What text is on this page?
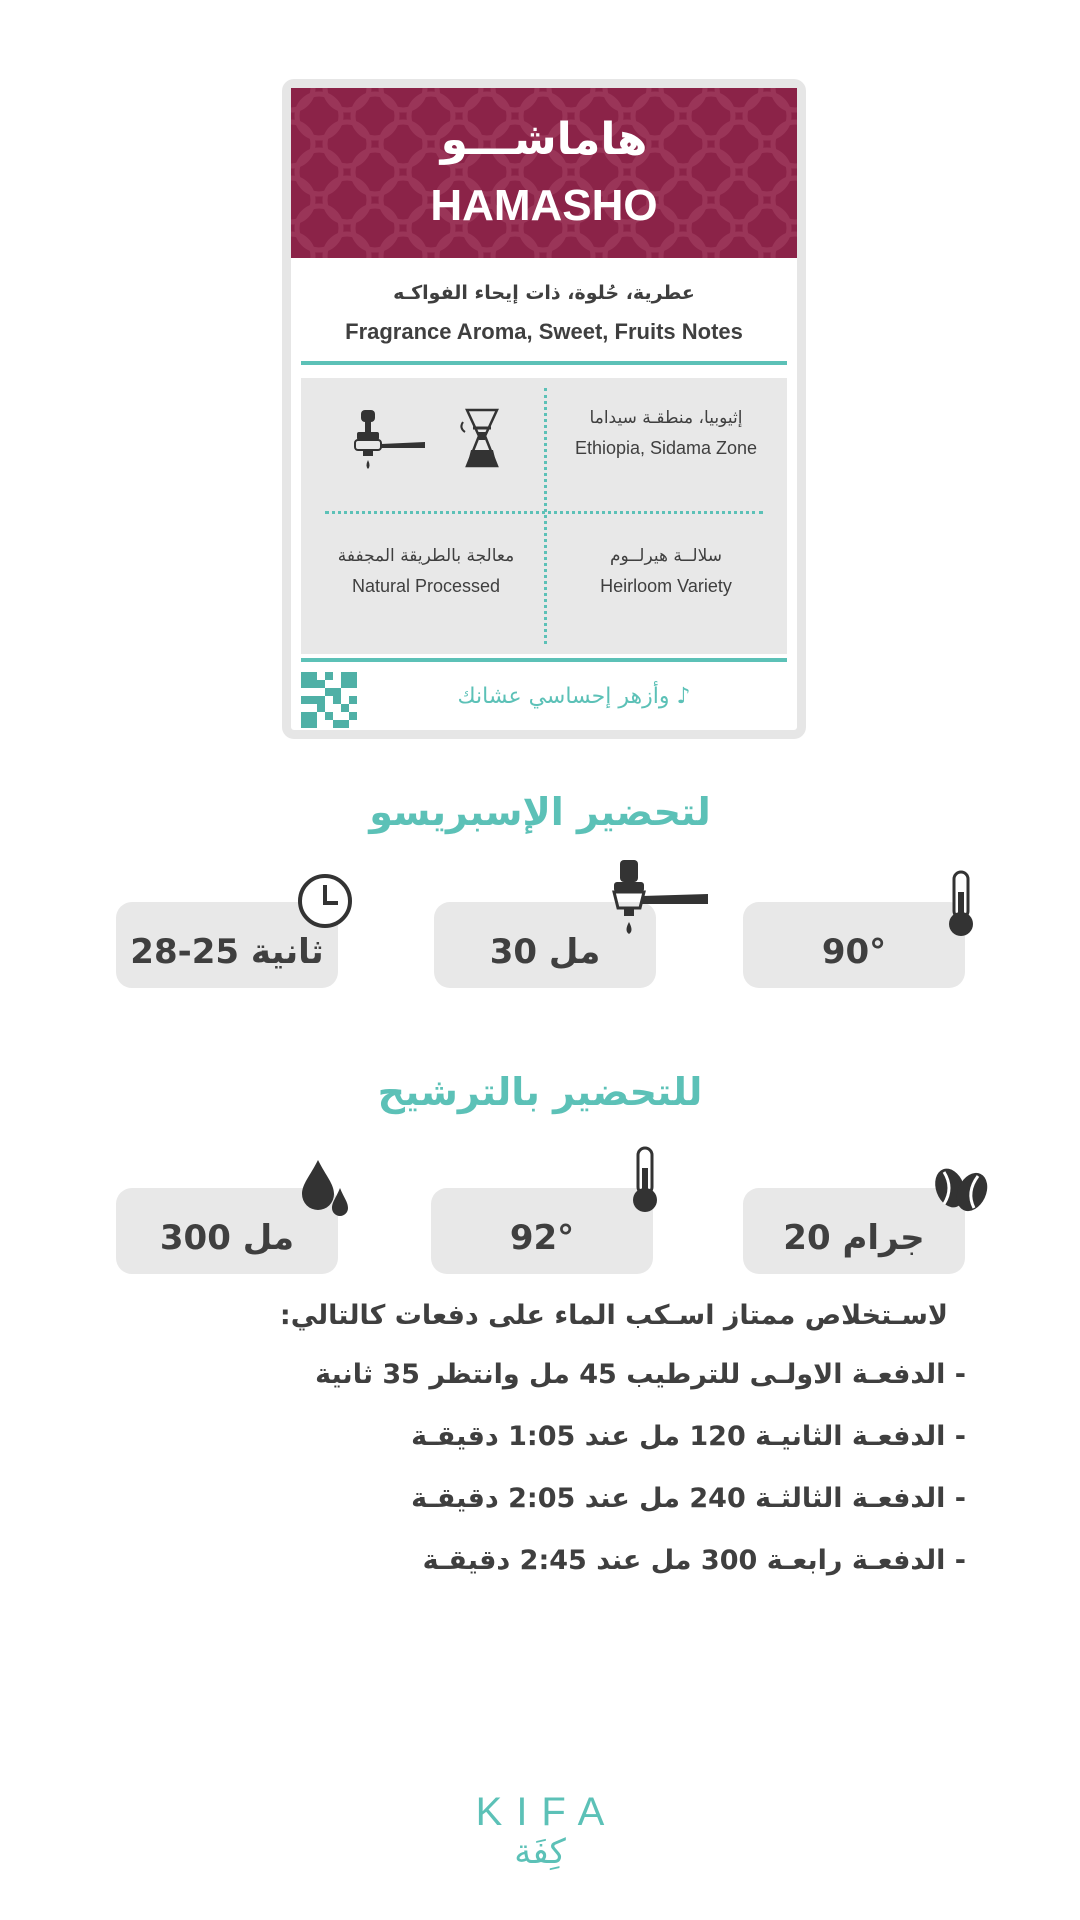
هاماشـــو
HAMASHO
عطرية، حُلوة، ذات إيحاء الفواكـه
Fragrance Aroma, Sweet, Fruits Notes
إثيوبيا، منطقـة سيداما
Ethiopia, Sidama Zone
معالجة بالطريقة المجففة
Natural Processed
سلالــة هيرلــوم
Heirloom Variety
وأزهر إحساسي عشانك ♪
لتحضير الإسبريسو
90°
30 مل
28-25 ثانية
للتحضير بالترشيح
20 جرام
92°
300 مل
لاسـتخلاص ممتاز اسـكب الماء على دفعات كالتالي:
- الدفعـة الاولـى للترطيب 45 مل وانتظر 35 ثانية
- الدفعـة الثانيـة 120 مل عند 1:05 دقيقـة
- الدفعـة الثالثـة 240 مل عند 2:05 دقيقـة
- الدفعـة رابعـة 300 مل عند 2:45 دقيقـة
KIFA
كِفَة
